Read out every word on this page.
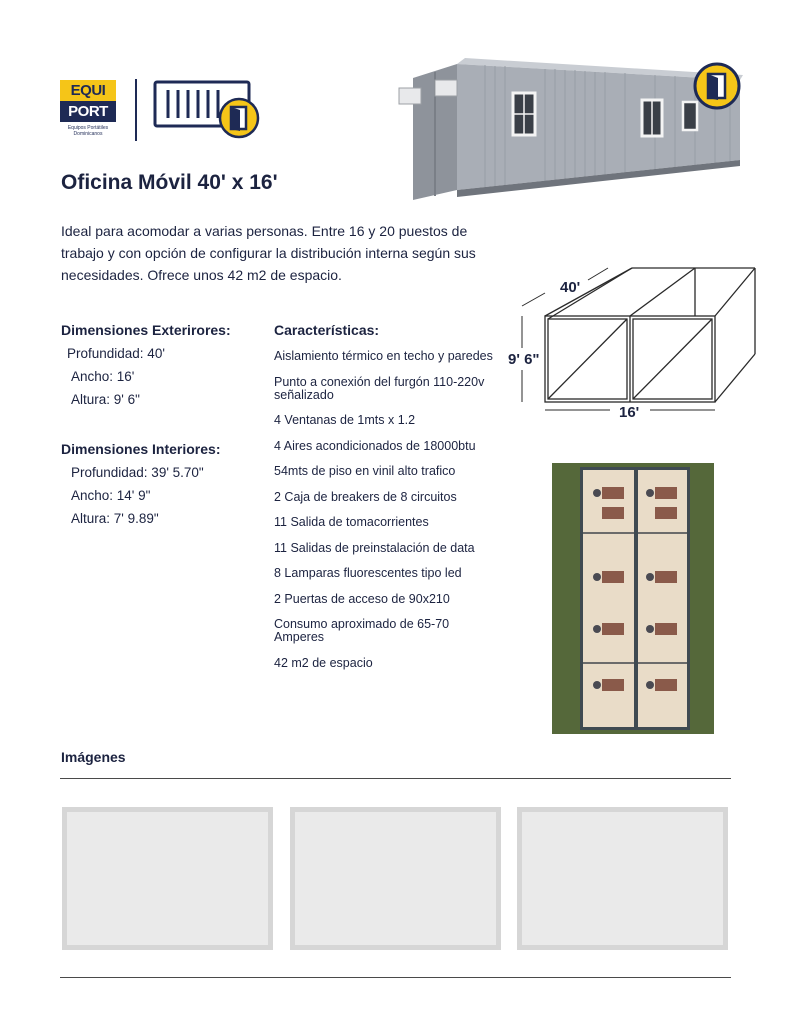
EQUI
PORT
Equipos Portátiles
Dominicanos
Oficina Móvil 40' x 16'

Ideal para acomodar a varias personas. Entre 16 y 20 puestos de trabajo y con opción de configurar la distribución interna según sus necesidades. Ofrece unos 42 m2 de espacio.

Dimensiones Exterirores:
Profundidad: 40'
Ancho: 16'
Altura: 9' 6"
Dimensiones Interiores:
Profundidad: 39' 5.70"
Ancho: 14' 9"
Altura: 7' 9.89"
Características:
Aislamiento térmico en techo y paredes
Punto a conexión del furgón 110-220v señalizado
4 Ventanas de 1mts x 1.2
4 Aires acondicionados de 18000btu
54mts de piso en vinil alto trafico
2 Caja de breakers de 8 circuitos
11 Salida de tomacorrientes
11 Salidas de preinstalación de data
8 Lamparas fluorescentes tipo led
2 Puertas de acceso de 90x210
Consumo aproximado de 65-70 Amperes
42 m2 de espacio
40'
9' 6"
16'
Imágenes
